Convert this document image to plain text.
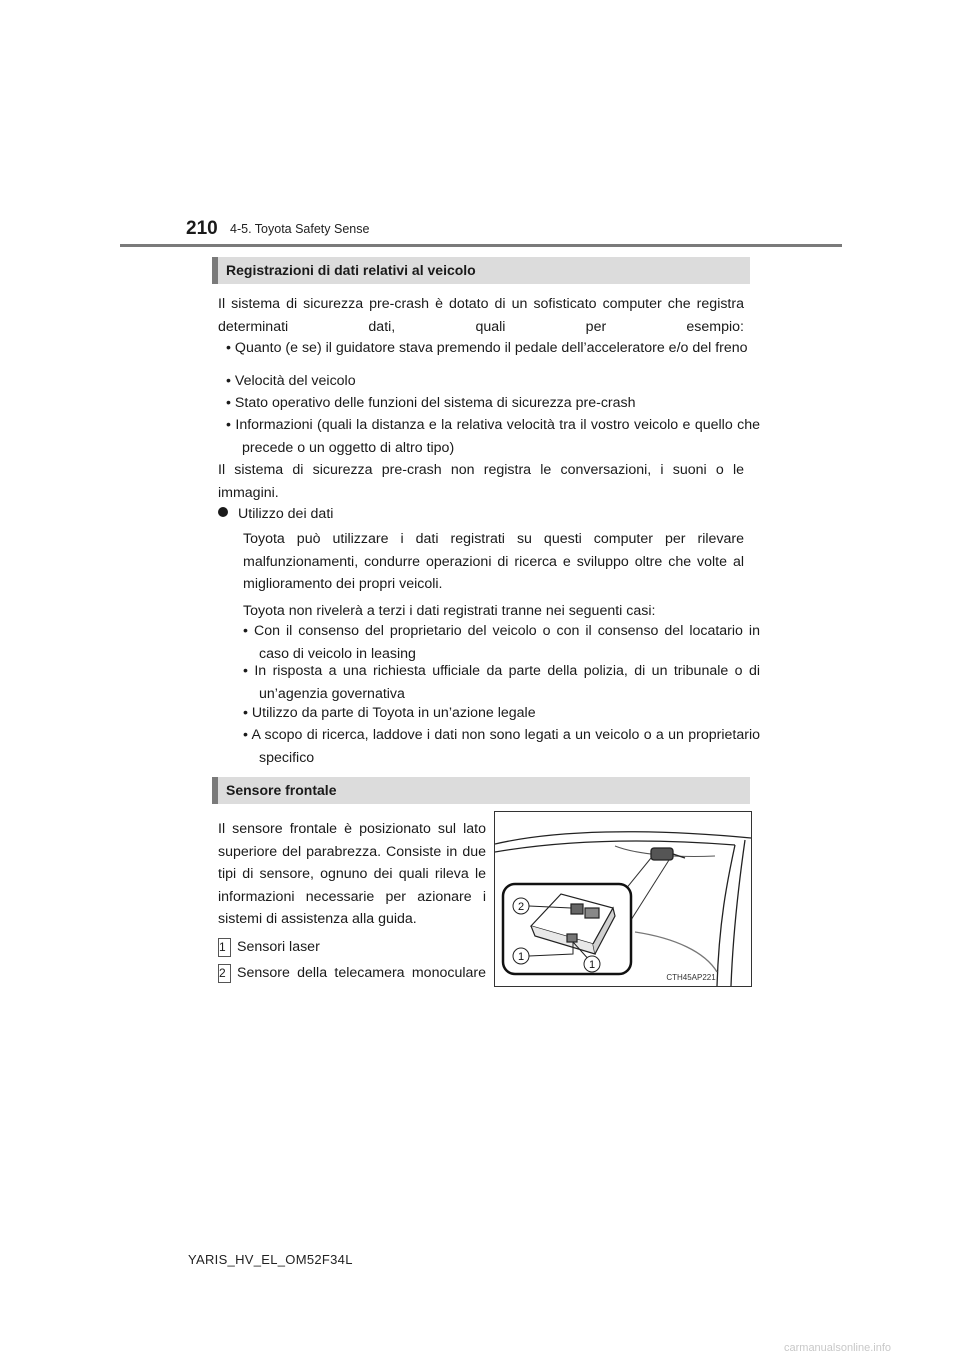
210 4-5. Toyota Safety Sense
Registrazioni di dati relativi al veicolo
Il sistema di sicurezza pre-crash è dotato di un sofisticato computer che registra determinati dati, quali per esempio:
• Quanto (e se) il guidatore stava premendo il pedale dell’acceleratore e/o del freno
• Velocità del veicolo
• Stato operativo delle funzioni del sistema di sicurezza pre-crash
• Informazioni (quali la distanza e la relativa velocità tra il vostro veicolo e quello che precede o un oggetto di altro tipo)
Il sistema di sicurezza pre-crash non registra le conversazioni, i suoni o le immagini.
Utilizzo dei dati
Toyota può utilizzare i dati registrati su questi computer per rilevare malfunzionamenti, condurre operazioni di ricerca e sviluppo oltre che volte al miglioramento dei propri veicoli.
Toyota non rivelerà a terzi i dati registrati tranne nei seguenti casi:
• Con il consenso del proprietario del veicolo o con il consenso del locatario in caso di veicolo in leasing
• In risposta a una richiesta ufficiale da parte della polizia, di un tribunale o di un’agenzia governativa
• Utilizzo da parte di Toyota in un’azione legale
• A scopo di ricerca, laddove i dati non sono legati a un veicolo o a un proprietario specifico
Sensore frontale
Il sensore frontale è posizionato sul lato superiore del parabrezza. Consiste in due tipi di sensore, ognuno dei quali rileva le informazioni necessarie per azionare i sistemi di assistenza alla guida.
1 Sensori laser
2 Sensore della telecamera monoculare
2
1
1
CTH45AP221
YARIS_HV_EL_OM52F34L
carmanualsonline.info
